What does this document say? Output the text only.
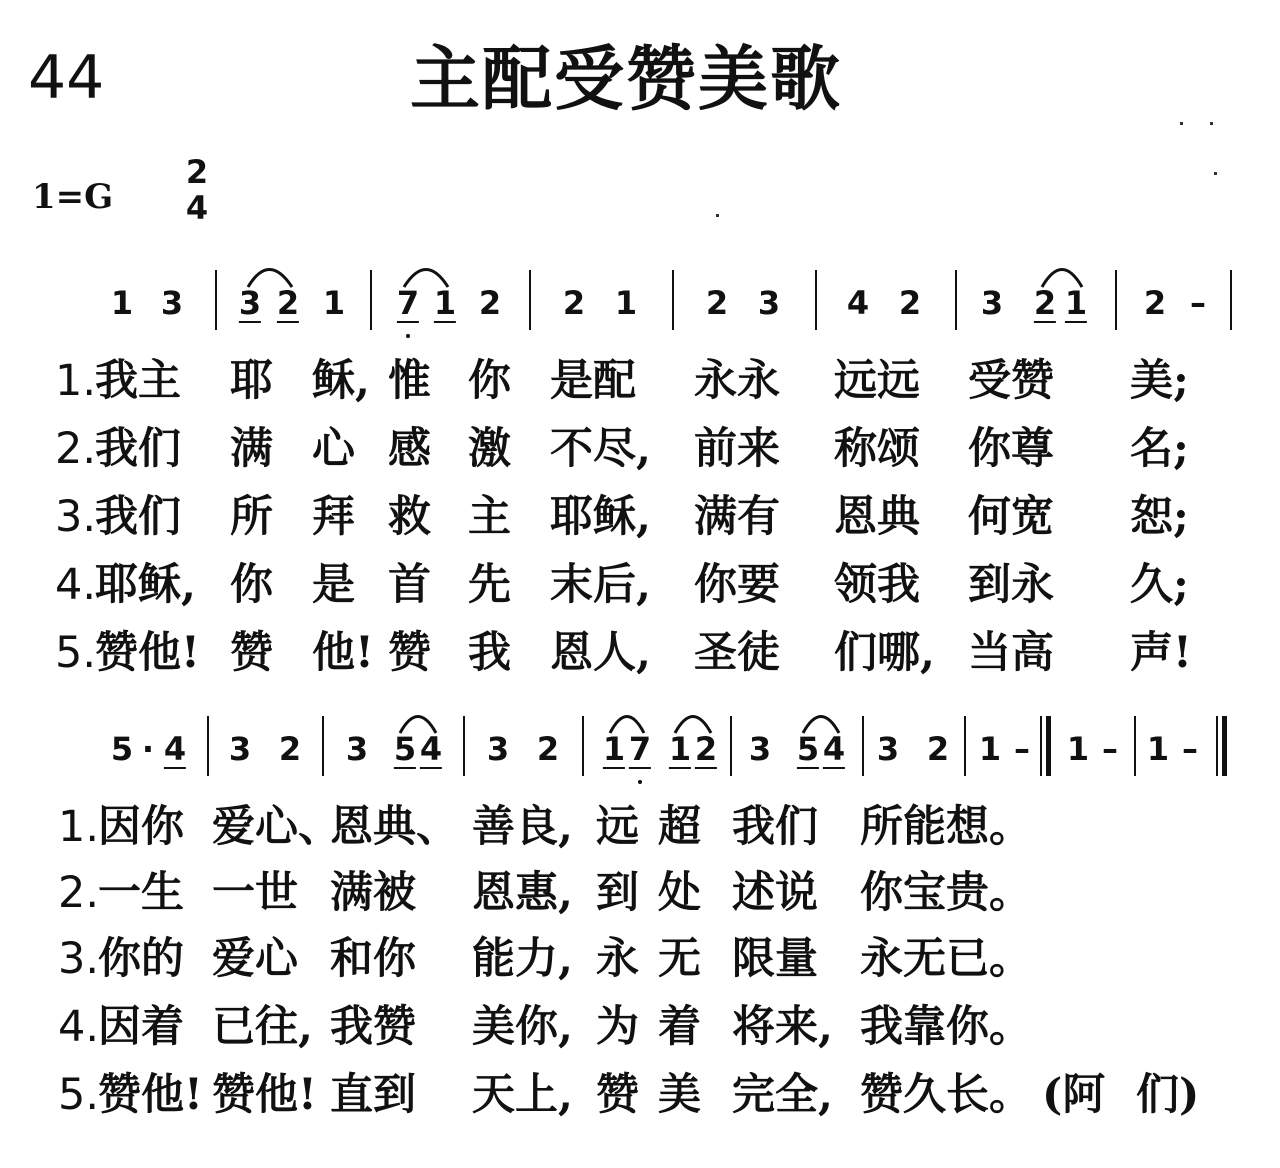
44	主配受赞美歌
1=G
2
4
1 3 3 2 1 7 1 2 2 1 2 3 4 2 3 2 1 2 –
5 · 4 3 2 3 5 4 3 2 1 7 1 2 3 5 4 3 2 1 – 1 – 1 –
1.
我主 耶 稣, 惟 你 是配 永永 远远 受赞 美;
2.
我们 满 心 感 激 不尽, 前来 称颂 你尊 名;
3.
我们 所 拜 救 主 耶稣, 满有 恩典 何宽 恕;
4.
耶稣, 你 是 首 先 末后, 你要 领我 到永 久;
5.
赞他! 赞 他! 赞 我 恩人, 圣徒 们哪, 当高 声!
1.
因你 爱心、
恩典、 善良, 远 超 我们 所能想。
2.
一生 一世 满被 恩惠, 到 处 述说 你宝贵。
3.
你的 爱心 和你 能力, 永 无 限量 永无已。
4.
因着 已往, 我赞 美你, 为 着 将来, 我靠你。
5.
赞他! 赞他! 直到 天上, 赞 美 完全, 赞久长。 (阿 们)
